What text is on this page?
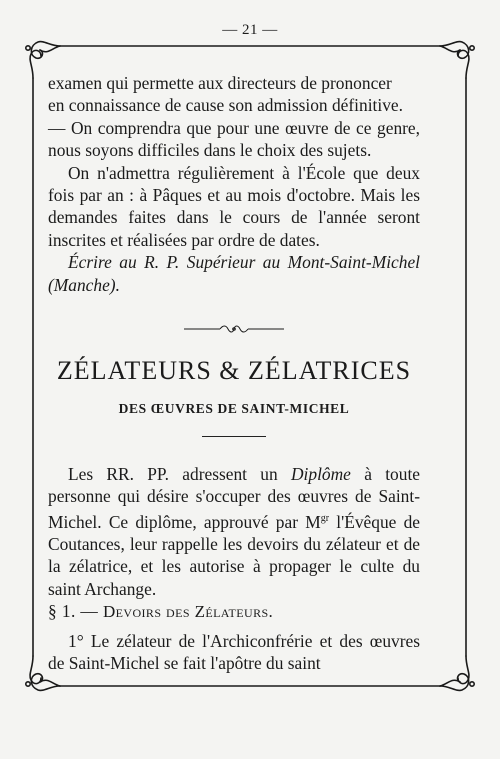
— 21 —

examen qui permette aux directeurs de prononcer

en connaissance de cause son admission définitive.

— On comprendra que pour une œuvre de ce genre, nous soyons difficiles dans le choix des sujets.

On n'admettra régulièrement à l'École que deux fois par an : à Pâques et au mois d'octobre. Mais les demandes faites dans le cours de l'année seront inscrites et réalisées par ordre de dates.

Écrire au R. P. Supérieur au Mont-Saint-Michel (Manche).

ZÉLATEURS & ZÉLATRICES
DES ŒUVRES DE SAINT-MICHEL

Les RR. PP. adressent un Diplôme à toute personne qui désire s'occuper des œuvres de Saint-Michel. Ce diplôme, approuvé par $M^{gr}$ l'Évêque de Coutances, leur rappelle les devoirs du zélateur et de la zélatrice, et les autorise à propager le culte du saint Archange.

§ 1. — Devoirs des Zélateurs.

1° Le zélateur de l'Archiconfrérie et des œuvres de Saint-Michel se fait l'apôtre du saint
